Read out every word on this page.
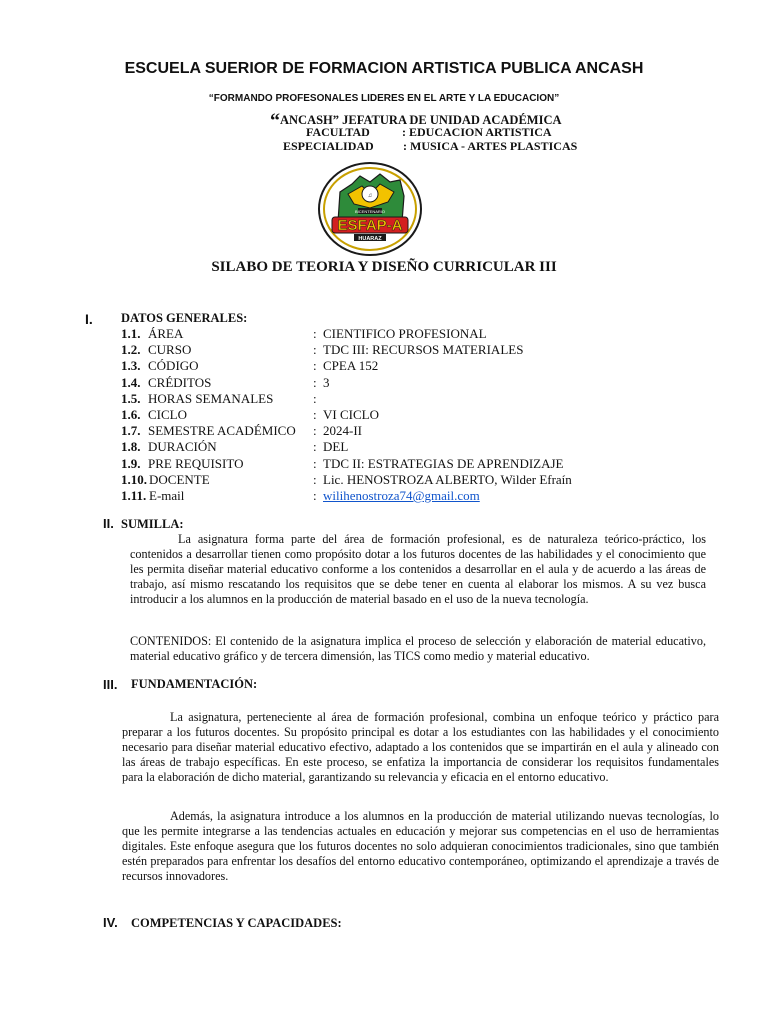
ESCUELA SUERIOR DE FORMACION ARTISTICA PUBLICA ANCASH
“FORMANDO PROFESONALES LIDERES EN EL ARTE Y LA EDUCACION”
“ANCASH” JEFATURA DE UNIDAD ACADÉMICA
FACULTAD	: EDUCACION ARTISTICA
ESPECIALIDAD : MUSICA - ARTES PLASTICAS
♫
BICENTENARIO
ESFAP-A
HUARAZ
SILABO DE TEORIA Y DISEÑO CURRICULAR III
I. DATOS GENERALES:
1.1. ÁREA	: CIENTIFICO PROFESIONAL
1.2. CURSO	: TDC III: RECURSOS MATERIALES
1.3. CÓDIGO	: CPEA 152
1.4. CRÉDITOS	: 3
1.5. HORAS SEMANALES	:
1.6. CICLO	: VI CICLO
1.7. SEMESTRE ACADÉMICO : 2024-II
1.8. DURACIÓN	: DEL
1.9. PRE REQUISITO	: TDC II: ESTRATEGIAS DE APRENDIZAJE
1.10. DOCENTE	: Lic. HENOSTROZA ALBERTO, Wilder Efraín
1.11. E-mail	: wilihenostroza74@gmail.com
II. SUMILLA:
La asignatura forma parte del área de formación profesional, es de naturaleza teórico-práctico, los contenidos a desarrollar tienen como propósito dotar a los futuros docentes de las habilidades y el conocimiento que les permita diseñar material educativo conforme a los contenidos a desarrollar en el aula y de acuerdo a las áreas de trabajo, así mismo rescatando los requisitos que se debe tener en cuenta al elaborar los mismos. A su vez busca introducir a los alumnos en la producción de material basado en el uso de la nueva tecnología.
CONTENIDOS: El contenido de la asignatura implica el proceso de selección y elaboración de material educativo, material educativo gráfico y de tercera dimensión, las TICS como medio y material educativo.
III. FUNDAMENTACIÓN:
La asignatura, perteneciente al área de formación profesional, combina un enfoque teórico y práctico para preparar a los futuros docentes. Su propósito principal es dotar a los estudiantes con las habilidades y el conocimiento necesario para diseñar material educativo efectivo, adaptado a los contenidos que se impartirán en el aula y alineado con las áreas de trabajo específicas. En este proceso, se enfatiza la importancia de considerar los requisitos fundamentales para la elaboración de dicho material, garantizando su relevancia y eficacia en el entorno educativo.
Además, la asignatura introduce a los alumnos en la producción de material utilizando nuevas tecnologías, lo que les permite integrarse a las tendencias actuales en educación y mejorar sus competencias en el uso de herramientas digitales. Este enfoque asegura que los futuros docentes no solo adquieran conocimientos tradicionales, sino que también estén preparados para enfrentar los desafíos del entorno educativo contemporáneo, optimizando el aprendizaje a través de recursos innovadores.
IV. COMPETENCIAS Y CAPACIDADES:
